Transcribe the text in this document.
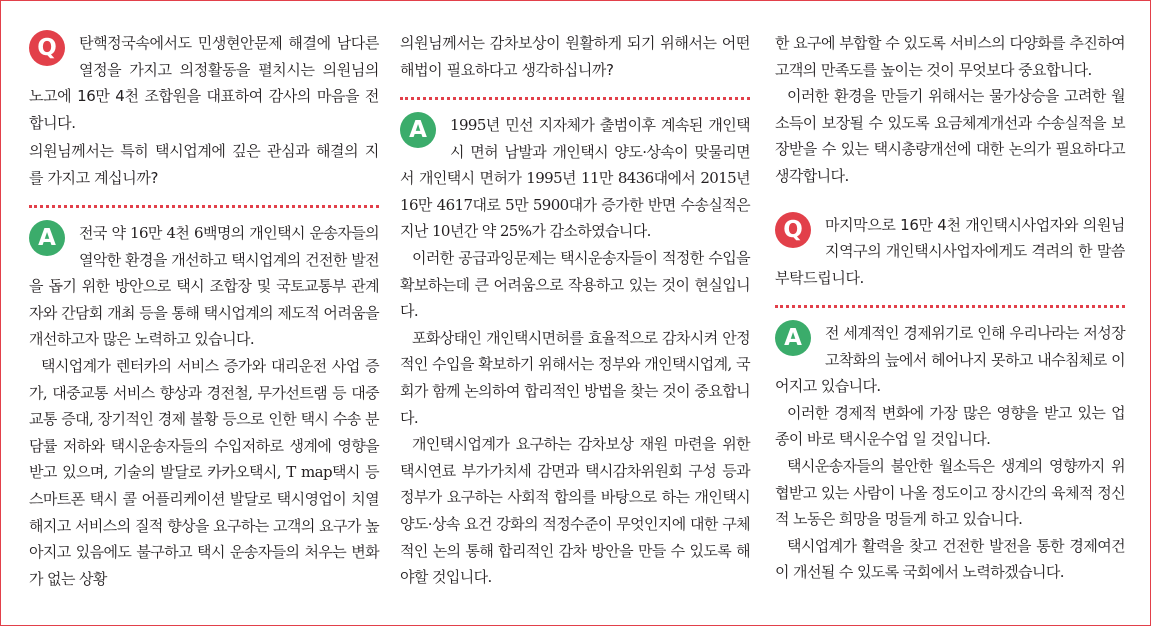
Q	탄핵정국속에서도 민생현안문제 해결에 남다른 열정을 가지고 의정활동을 펼치시는 의원님의 노고에 16만 4천 조합원을 대표하여 감사의 마음을 전합니다.

의원님께서는 특히 택시업계에 깊은 관심과 해결의 지를 가지고 계십니까?

A	전국 약 16만 4천 6백명의 개인택시 운송자들의 열악한 환경을 개선하고 택시업계의 건전한 발전을 돕기 위한 방안으로 택시 조합장 및 국토교통부 관계자와 간담회 개최 등을 통해 택시업계의 제도적 어려움을 개선하고자 많은 노력하고 있습니다.

택시업계가 렌터카의 서비스 증가와 대리운전 사업 증가, 대중교통 서비스 향상과 경전철, 무가선트램 등 대중교통 증대, 장기적인 경제 불황 등으로 인한 택시 수송 분담률 저하와 택시운송자들의 수입저하로 생계에 영향을 받고 있으며, 기술의 발달로 카카오택시, T map택시 등 스마트폰 택시 콜 어플리케이션 발달로 택시영업이 치열해지고 서비스의 질적 향상을 요구하는 고객의 요구가 높아지고 있음에도 불구하고 택시 운송자들의 처우는 변화가 없는 상황

의원님께서는 감차보상이 원활하게 되기 위해서는 어떤 해법이 필요하다고 생각하십니까?

A	1995년 민선 지자체가 출범이후 계속된 개인택시 면허 남발과 개인택시 양도·상속이 맞물리면서 개인택시 면허가 1995년 11만 8436대에서 2015년 16만 4617대로 5만 5900대가 증가한 반면 수송실적은 지난 10년간 약 25%가 감소하였습니다.

이러한 공급과잉문제는 택시운송자들이 적정한 수입을 확보하는데 큰 어려움으로 작용하고 있는 것이 현실입니다.

포화상태인 개인택시면허를 효율적으로 감차시켜 안정적인 수입을 확보하기 위해서는 정부와 개인택시업계, 국회가 함께 논의하여 합리적인 방법을 찾는 것이 중요합니다.

개인택시업계가 요구하는 감차보상 재원 마련을 위한 택시연료 부가가치세 감면과 택시감차위원회 구성 등과 정부가 요구하는 사회적 합의를 바탕으로 하는 개인택시 양도·상속 요건 강화의 적정수준이 무엇인지에 대한 구체적인 논의 통해 합리적인 감차 방안을 만들 수 있도록 해야할 것입니다.

한 요구에 부합할 수 있도록 서비스의 다양화를 추진하여 고객의 만족도를 높이는 것이 무엇보다 중요합니다.

이러한 환경을 만들기 위해서는 물가상승을 고려한 월 소득이 보장될 수 있도록 요금체계개선과 수송실적을 보장받을 수 있는 택시총량개선에 대한 논의가 필요하다고 생각합니다.

Q	마지막으로 16만 4천 개인택시사업자와 의원님 지역구의 개인택시사업자에게도 격려의 한 말씀 부탁드립니다.

A	전 세계적인 경제위기로 인해 우리나라는 저성장 고착화의 늪에서 헤어나지 못하고 내수침체로 이어지고 있습니다.

이러한 경제적 변화에 가장 많은 영향을 받고 있는 업종이 바로 택시운수업 일 것입니다.

택시운송자들의 불안한 월소득은 생계의 영향까지 위협받고 있는 사람이 나올 정도이고 장시간의 육체적 정신적 노동은 희망을 멍들게 하고 있습니다.

택시업계가 활력을 찾고 건전한 발전을 통한 경제여건이 개선될 수 있도록 국회에서 노력하겠습니다.
